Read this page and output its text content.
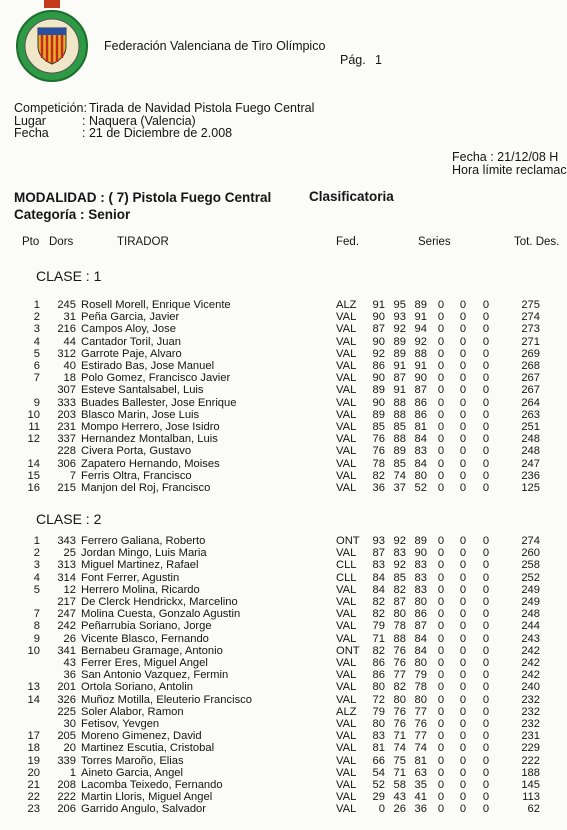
Federación Valenciana de Tiro Olímpico
Pág. 1
Competición: Tirada de Navidad Pistola Fuego Central
Lugar	: Naquera (Valencia)
Fecha	: 21 de Diciembre de 2.008
Fecha : 21/12/08 H
Hora límite reclamac
MODALIDAD : ( 7) Pistola Fuego Central	Clasificatoria
Categoría : Senior
Pto Dors	TIRADOR	Fed.	Series	Tot. Des.
CLASE : 1
CLASE : 2
1	245 Rosell Morell, Enrique Vicente	ALZ	91 95 89 0 0 0	275
2	31 Peña Garcia, Javier	VAL	90 93 91 0 0 0	274
3	216 Campos Aloy, Jose	VAL	87 92 94 0 0 0	273
4	44 Cantador Toril, Juan	VAL	90 89 92 0 0 0	271
5	312 Garrote Paje, Alvaro	VAL	92 89 88 0 0 0	269
6	40 Estirado Bas, Jose Manuel	VAL	86 91 91 0 0 0	268
7	18 Polo Gomez, Francisco Javier	VAL	90 87 90 0 0 0	267
307 Esteve Santalsabel, Luis	VAL	89 91 87 0 0 0	267
9	333 Buades Ballester, Jose Enrique	VAL	90 88 86 0 0 0	264
10	203 Blasco Marin, Jose Luis	VAL	89 88 86 0 0 0	263
11	231 Mompo Herrero, Jose Isidro	VAL	85 85 81 0 0 0	251
12	337 Hernandez Montalban, Luis	VAL	76 88 84 0 0 0	248
228 Civera Porta, Gustavo	VAL	76 89 83 0 0 0	248
14	306 Zapatero Hernando, Moises	VAL	78 85 84 0 0 0	247
15	7 Ferris Oltra, Francisco	VAL	82 74 80 0 0 0	236
16	215 Manjon del Roj, Francisco	VAL	36 37 52 0 0 0	125
1	343 Ferrero Galiana, Roberto	ONT	93 92 89 0 0 0	274
2	25 Jordan Mingo, Luis Maria	VAL	87 83 90 0 0 0	260
3	313 Miguel Martinez, Rafael	CLL	83 92 83 0 0 0	258
4	314 Font Ferrer, Agustin	CLL	84 85 83 0 0 0	252
5	12 Herrero Molina, Ricardo	VAL	84 82 83 0 0 0	249
217 De Clerck Hendrickx, Marcelino	VAL	82 87 80 0 0 0	249
7	247 Molina Cuesta, Gonzalo Agustin	VAL	82 80 86 0 0 0	248
8	242 Peñarrubia Soriano, Jorge	VAL	79 78 87 0 0 0	244
9	26 Vicente Blasco, Fernando	VAL	71 88 84 0 0 0	243
10	341 Bernabeu Gramage, Antonio	ONT	82 76 84 0 0 0	242
43 Ferrer Eres, Miguel Angel	VAL	86 76 80 0 0 0	242
36 San Antonio Vazquez, Fermin	VAL	86 77 79 0 0 0	242
13	201 Ortola Soriano, Antolin	VAL	80 82 78 0 0 0	240
14	326 Muñoz Motilla, Eleuterio Francisco	VAL	72 80 80 0 0 0	232
225 Soler Alabor, Ramon	ALZ	79 76 77 0 0 0	232
30 Fetisov, Yevgen	VAL	80 76 76 0 0 0	232
17	205 Moreno Gimenez, David	VAL	83 71 77 0 0 0	231
18	20 Martinez Escutia, Cristobal	VAL	81 74 74 0 0 0	229
19	339 Torres Maroño, Elias	VAL	66 75 81 0 0 0	222
20	1 Aineto Garcia, Angel	VAL	54 71 63 0 0 0	188
21	208 Lacomba Teixedo, Fernando	VAL	52 58 35 0 0 0	145
22	222 Martin Lloris, Miguel Angel	VAL	29 43 41 0 0 0	113
23	206 Garrido Angulo, Salvador	VAL	0 26 36 0 0 0	62
